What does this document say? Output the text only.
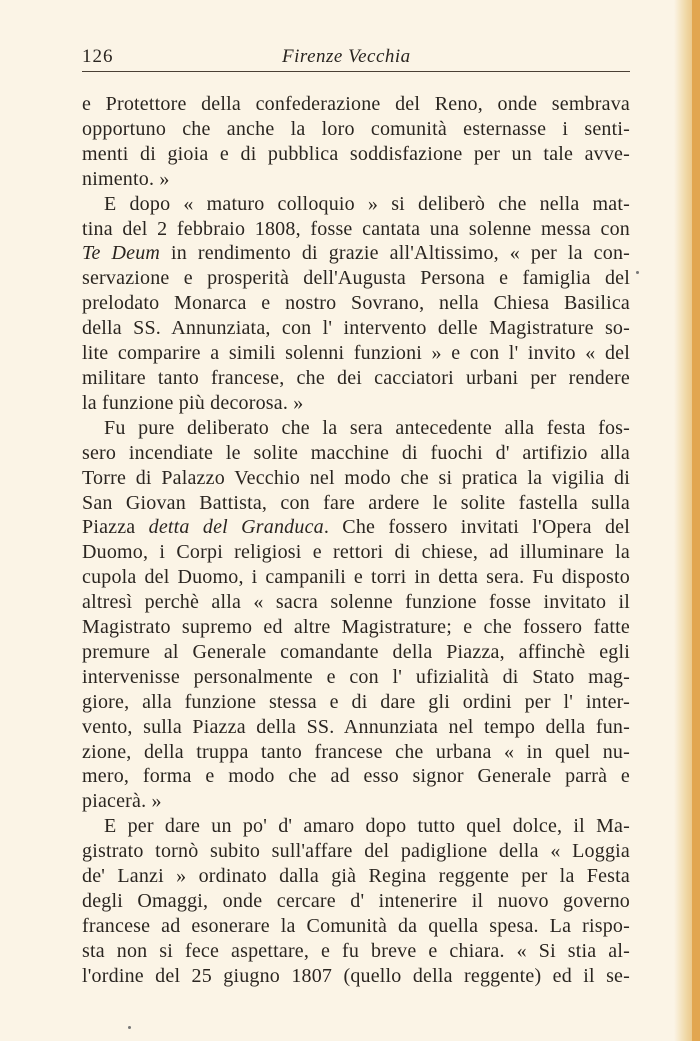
126	Firenze Vecchia
e Protettore della confederazione del Reno, onde sembrava
opportuno che anche la loro comunità esternasse i senti-
menti di gioia e di pubblica soddisfazione per un tale avve-
nimento. »
E dopo « maturo colloquio » si deliberò che nella mat-
tina del 2 febbraio 1808, fosse cantata una solenne messa con
Te Deum in rendimento di grazie all'Altissimo, « per la con-
servazione e prosperità dell'Augusta Persona e famiglia del
prelodato Monarca e nostro Sovrano, nella Chiesa Basilica
della SS. Annunziata, con l' intervento delle Magistrature so-
lite comparire a simili solenni funzioni » e con l' invito « del
militare tanto francese, che dei cacciatori urbani per rendere
la funzione più decorosa. »
Fu pure deliberato che la sera antecedente alla festa fos-
sero incendiate le solite macchine di fuochi d' artifizio alla
Torre di Palazzo Vecchio nel modo che si pratica la vigilia di
San Giovan Battista, con fare ardere le solite fastella sulla
Piazza detta del Granduca. Che fossero invitati l'Opera del
Duomo, i Corpi religiosi e rettori di chiese, ad illuminare la
cupola del Duomo, i campanili e torri in detta sera. Fu disposto
altresì perchè alla « sacra solenne funzione fosse invitato il
Magistrato supremo ed altre Magistrature; e che fossero fatte
premure al Generale comandante della Piazza, affinchè egli
intervenisse personalmente e con l' ufizialità di Stato mag-
giore, alla funzione stessa e di dare gli ordini per l' inter-
vento, sulla Piazza della SS. Annunziata nel tempo della fun-
zione, della truppa tanto francese che urbana « in quel nu-
mero, forma e modo che ad esso signor Generale parrà e
piacerà. »
E per dare un po' d' amaro dopo tutto quel dolce, il Ma-
gistrato tornò subito sull'affare del padiglione della « Loggia
de' Lanzi » ordinato dalla già Regina reggente per la Festa
degli Omaggi, onde cercare d' intenerire il nuovo governo
francese ad esonerare la Comunità da quella spesa. La rispo-
sta non si fece aspettare, e fu breve e chiara. « Si stia al-
l'ordine del 25 giugno 1807 (quello della reggente) ed il se-
